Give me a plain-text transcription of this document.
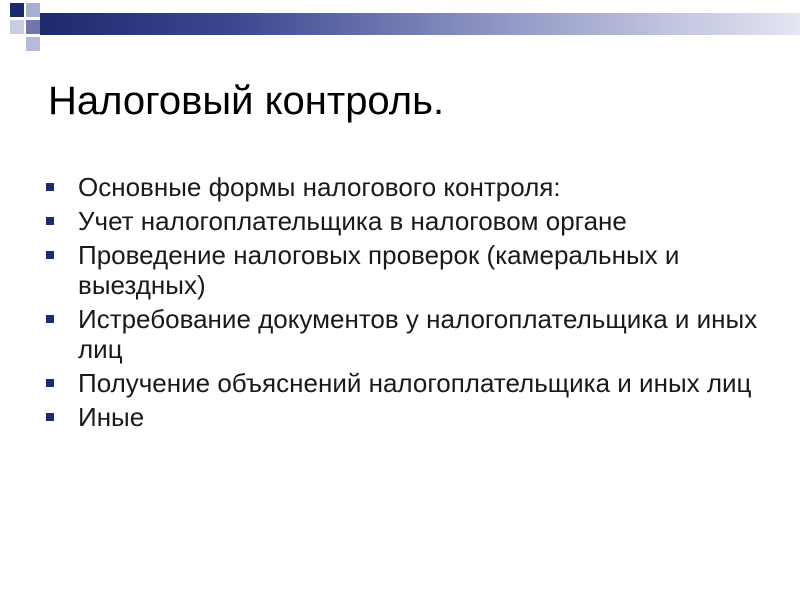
Налоговый контроль.
Основные формы налогового контроля:
Учет налогоплательщика в налоговом органе
Проведение налоговых проверок (камеральных и выездных)
Истребование документов у налогоплательщика и иных лиц
Получение объяснений налогоплательщика и иных лиц
Иные
